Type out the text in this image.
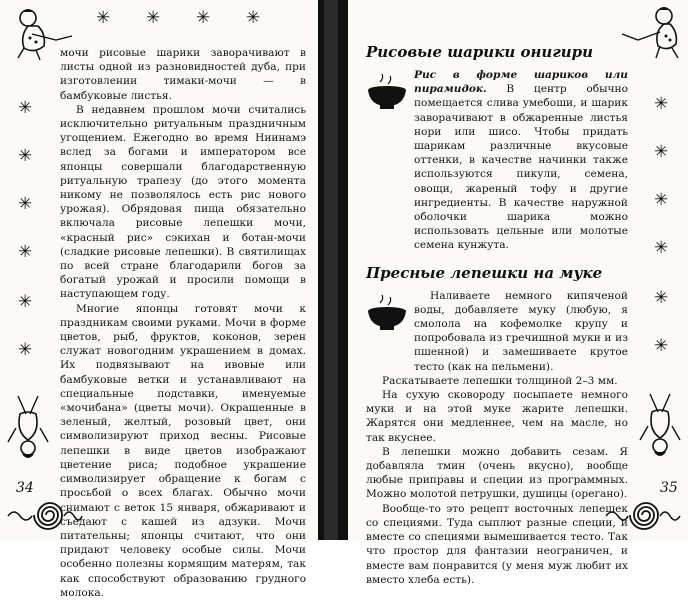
✳
✳
✳
✳
✳
✳
✳ ✳ ✳ ✳
34

мочи рисовые шарики заворачивают в листы одной из разновидностей дуба, при изготовлении тимаки-мочи — в бамбуковые листья.

В недавнем прошлом мочи считались исключительно ритуальным праздничным угощением. Ежегодно во время Ниинамэ вслед за богами и императором все японцы совершали благодарственную ритуальную трапезу (до этого момента никому не позволялось есть рис нового урожая). Обрядовая пища обязательно включала рисовые лепешки мочи, «красный рис» сэкихан и ботан-мочи (сладкие рисовые лепешки). В святилищах по всей стране благодарили богов за богатый урожай и просили помощи в наступающем году.

Многие японцы готовят мочи к праздникам своими руками. Мочи в форме цветов, рыб, фруктов, коконов, зерен служат новогодним украшением в домах. Их подвязывают на ивовые или бамбуковые ветки и устанавливают на специальные подставки, именуемые «мочибана» (цветы мочи). Окрашенные в зеленый, желтый, розовый цвет, они символизируют приход весны. Рисовые лепешки в виде цветов изображают цветение риса; подобное украшение символизирует обращение к богам с просьбой о всех благах. Обычно мочи снимают с веток 15 января, обжаривают и съедают с кашей из адзуки. Мочи питательны; японцы считают, что они придают человеку особые силы. Мочи особенно полезны кормящим матерям, так как способствуют образованию грудного молока.

✳
✳
✳
✳
✳
✳
35
Рисовые шарики онигири

Рис в форме шариков или пирамидок. В центр обычно помещается слива умебоши, и шарик заворачивают в обжаренные листья нори или шисо. Чтобы придать шарикам различные вкусовые оттенки, в качестве начинки также используются пикули, семена, овощи, жареный тофу и другие ингредиенты. В качестве наружной оболочки шарика можно использовать цельные или молотые семена кунжута.

Пресные лепешки на муке

Наливаете немного кипяченой воды, добавляете муку (любую, я смолола на кофемолке крупу и попробовала из гречишной муки и из пшенной) и замешиваете крутое тесто (как на пельмени).

Раскатываете лепешки толщиной 2–3 мм.

На сухую сковороду посыпаете немного муки и на этой муке жарите лепешки. Жарятся они медленнее, чем на масле, но так вкуснее.

В лепешки можно добавить сезам. Я добавляла тмин (очень вкусно), вообще любые приправы и специи из программных. Можно молотой петрушки, душицы (орегано).

Вообще-то это рецепт восточных лепешек со специями. Туда сыплют разные специи, и вместе со специями вымешивается тесто. Так что простор для фантазии неограничен, и вместе вам понравится (у меня муж любит их вместо хлеба есть).
